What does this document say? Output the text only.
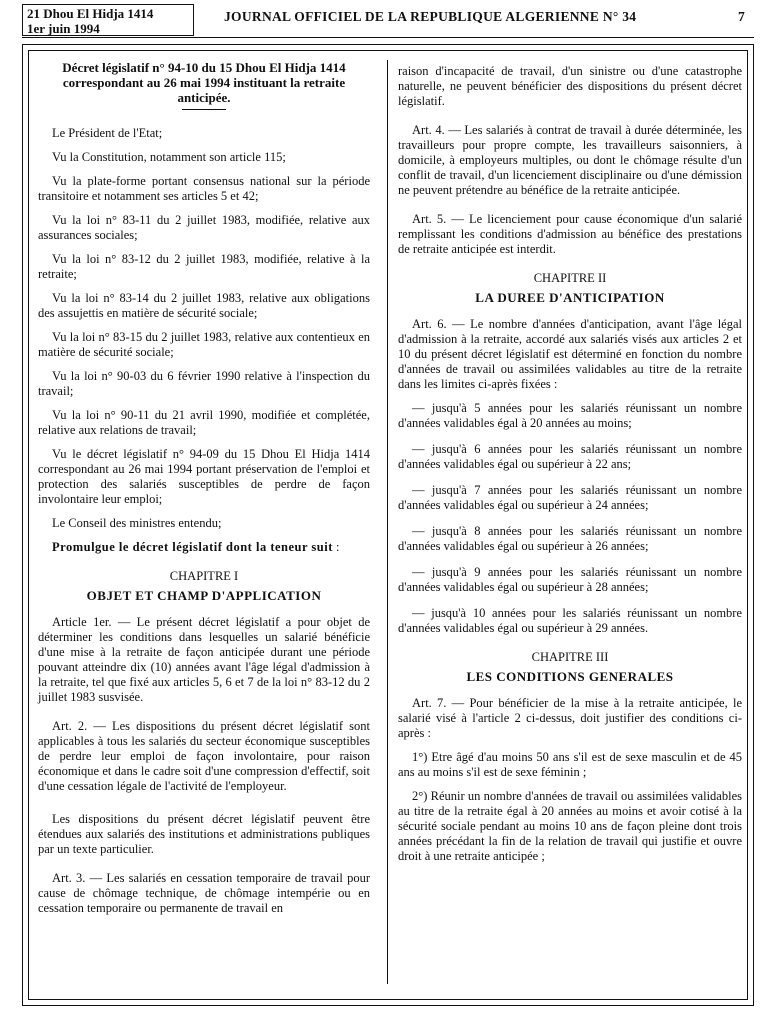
21 Dhou El Hidja 1414
1er juin 1994
JOURNAL OFFICIEL DE LA REPUBLIQUE ALGERIENNE N° 34	7
Décret législatif n° 94-10 du 15 Dhou El Hidja 1414 correspondant au 26 mai 1994 instituant la retraite anticipée.

Le Président de l'Etat;

Vu la Constitution, notamment son article 115;

Vu la plate-forme portant consensus national sur la période transitoire et notamment ses articles 5 et 42;

Vu la loi n° 83-11 du 2 juillet 1983, modifiée, relative aux assurances sociales;

Vu la loi n° 83-12 du 2 juillet 1983, modifiée, relative à la retraite;

Vu la loi n° 83-14 du 2 juillet 1983, relative aux obligations des assujettis en matière de sécurité sociale;

Vu la loi n° 83-15 du 2 juillet 1983, relative aux contentieux en matière de sécurité sociale;

Vu la loi n° 90-03 du 6 février 1990 relative à l'inspection du travail;

Vu la loi n° 90-11 du 21 avril 1990, modifiée et complétée, relative aux relations de travail;

Vu le décret législatif n° 94-09 du 15 Dhou El Hidja 1414 correspondant au 26 mai 1994 portant préservation de l'emploi et protection des salariés susceptibles de perdre de façon involontaire leur emploi;

Le Conseil des ministres entendu;

Promulgue le décret législatif dont la teneur suit :

CHAPITRE I
OBJET ET CHAMP D'APPLICATION

Article 1er. — Le présent décret législatif a pour objet de déterminer les conditions dans lesquelles un salarié bénéficie d'une mise à la retraite de façon anticipée durant une période pouvant atteindre dix (10) années avant l'âge légal d'admission à la retraite, tel que fixé aux articles 5, 6 et 7 de la loi n° 83-12 du 2 juillet 1983 susvisée.

Art. 2. — Les dispositions du présent décret législatif sont applicables à tous les salariés du secteur économique susceptibles de perdre leur emploi de façon involontaire, pour raison économique et dans le cadre soit d'une compression d'effectif, soit d'une cessation légale de l'activité de l'employeur.

Les dispositions du présent décret législatif peuvent être étendues aux salariés des institutions et administrations publiques par un texte particulier.

Art. 3. — Les salariés en cessation temporaire de travail pour cause de chômage technique, de chômage intempérie ou en cessation temporaire ou permanente de travail en

raison d'incapacité de travail, d'un sinistre ou d'une catastrophe naturelle, ne peuvent bénéficier des dispositions du présent décret législatif.

Art. 4. — Les salariés à contrat de travail à durée déterminée, les travailleurs pour propre compte, les travailleurs saisonniers, à domicile, à employeurs multiples, ou dont le chômage résulte d'un conflit de travail, d'un licenciement disciplinaire ou d'une démission ne peuvent prétendre au bénéfice de la retraite anticipée.

Art. 5. — Le licenciement pour cause économique d'un salarié remplissant les conditions d'admission au bénéfice des prestations de retraite anticipée est interdit.

CHAPITRE II
LA DUREE D'ANTICIPATION

Art. 6. — Le nombre d'années d'anticipation, avant l'âge légal d'admission à la retraite, accordé aux salariés visés aux articles 2 et 10 du présent décret législatif est déterminé en fonction du nombre d'années de travail ou assimilées validables au titre de la retraite dans les limites ci-après fixées :

— jusqu'à 5 années pour les salariés réunissant un nombre d'années validables égal à 20 années au moins;

— jusqu'à 6 années pour les salariés réunissant un nombre d'années validables égal ou supérieur à 22 ans;

— jusqu'à 7 années pour les salariés réunissant un nombre d'années validables égal ou supérieur à 24 années;

— jusqu'à 8 années pour les salariés réunissant un nombre d'années validables égal ou supérieur à 26 années;

— jusqu'à 9 années pour les salariés réunissant un nombre d'années validables égal ou supérieur à 28 années;

— jusqu'à 10 années pour les salariés réunissant un nombre d'années validables égal ou supérieur à 29 années.

CHAPITRE III
LES CONDITIONS GENERALES

Art. 7. — Pour bénéficier de la mise à la retraite anticipée, le salarié visé à l'article 2 ci-dessus, doit justifier des conditions ci-après :

1°) Etre âgé d'au moins 50 ans s'il est de sexe masculin et de 45 ans au moins s'il est de sexe féminin ;

2°) Réunir un nombre d'années de travail ou assimilées validables au titre de la retraite égal à 20 années au moins et avoir cotisé à la sécurité sociale pendant au moins 10 ans de façon pleine dont trois années précédant la fin de la relation de travail qui justifie et ouvre droit à une retraite anticipée ;
